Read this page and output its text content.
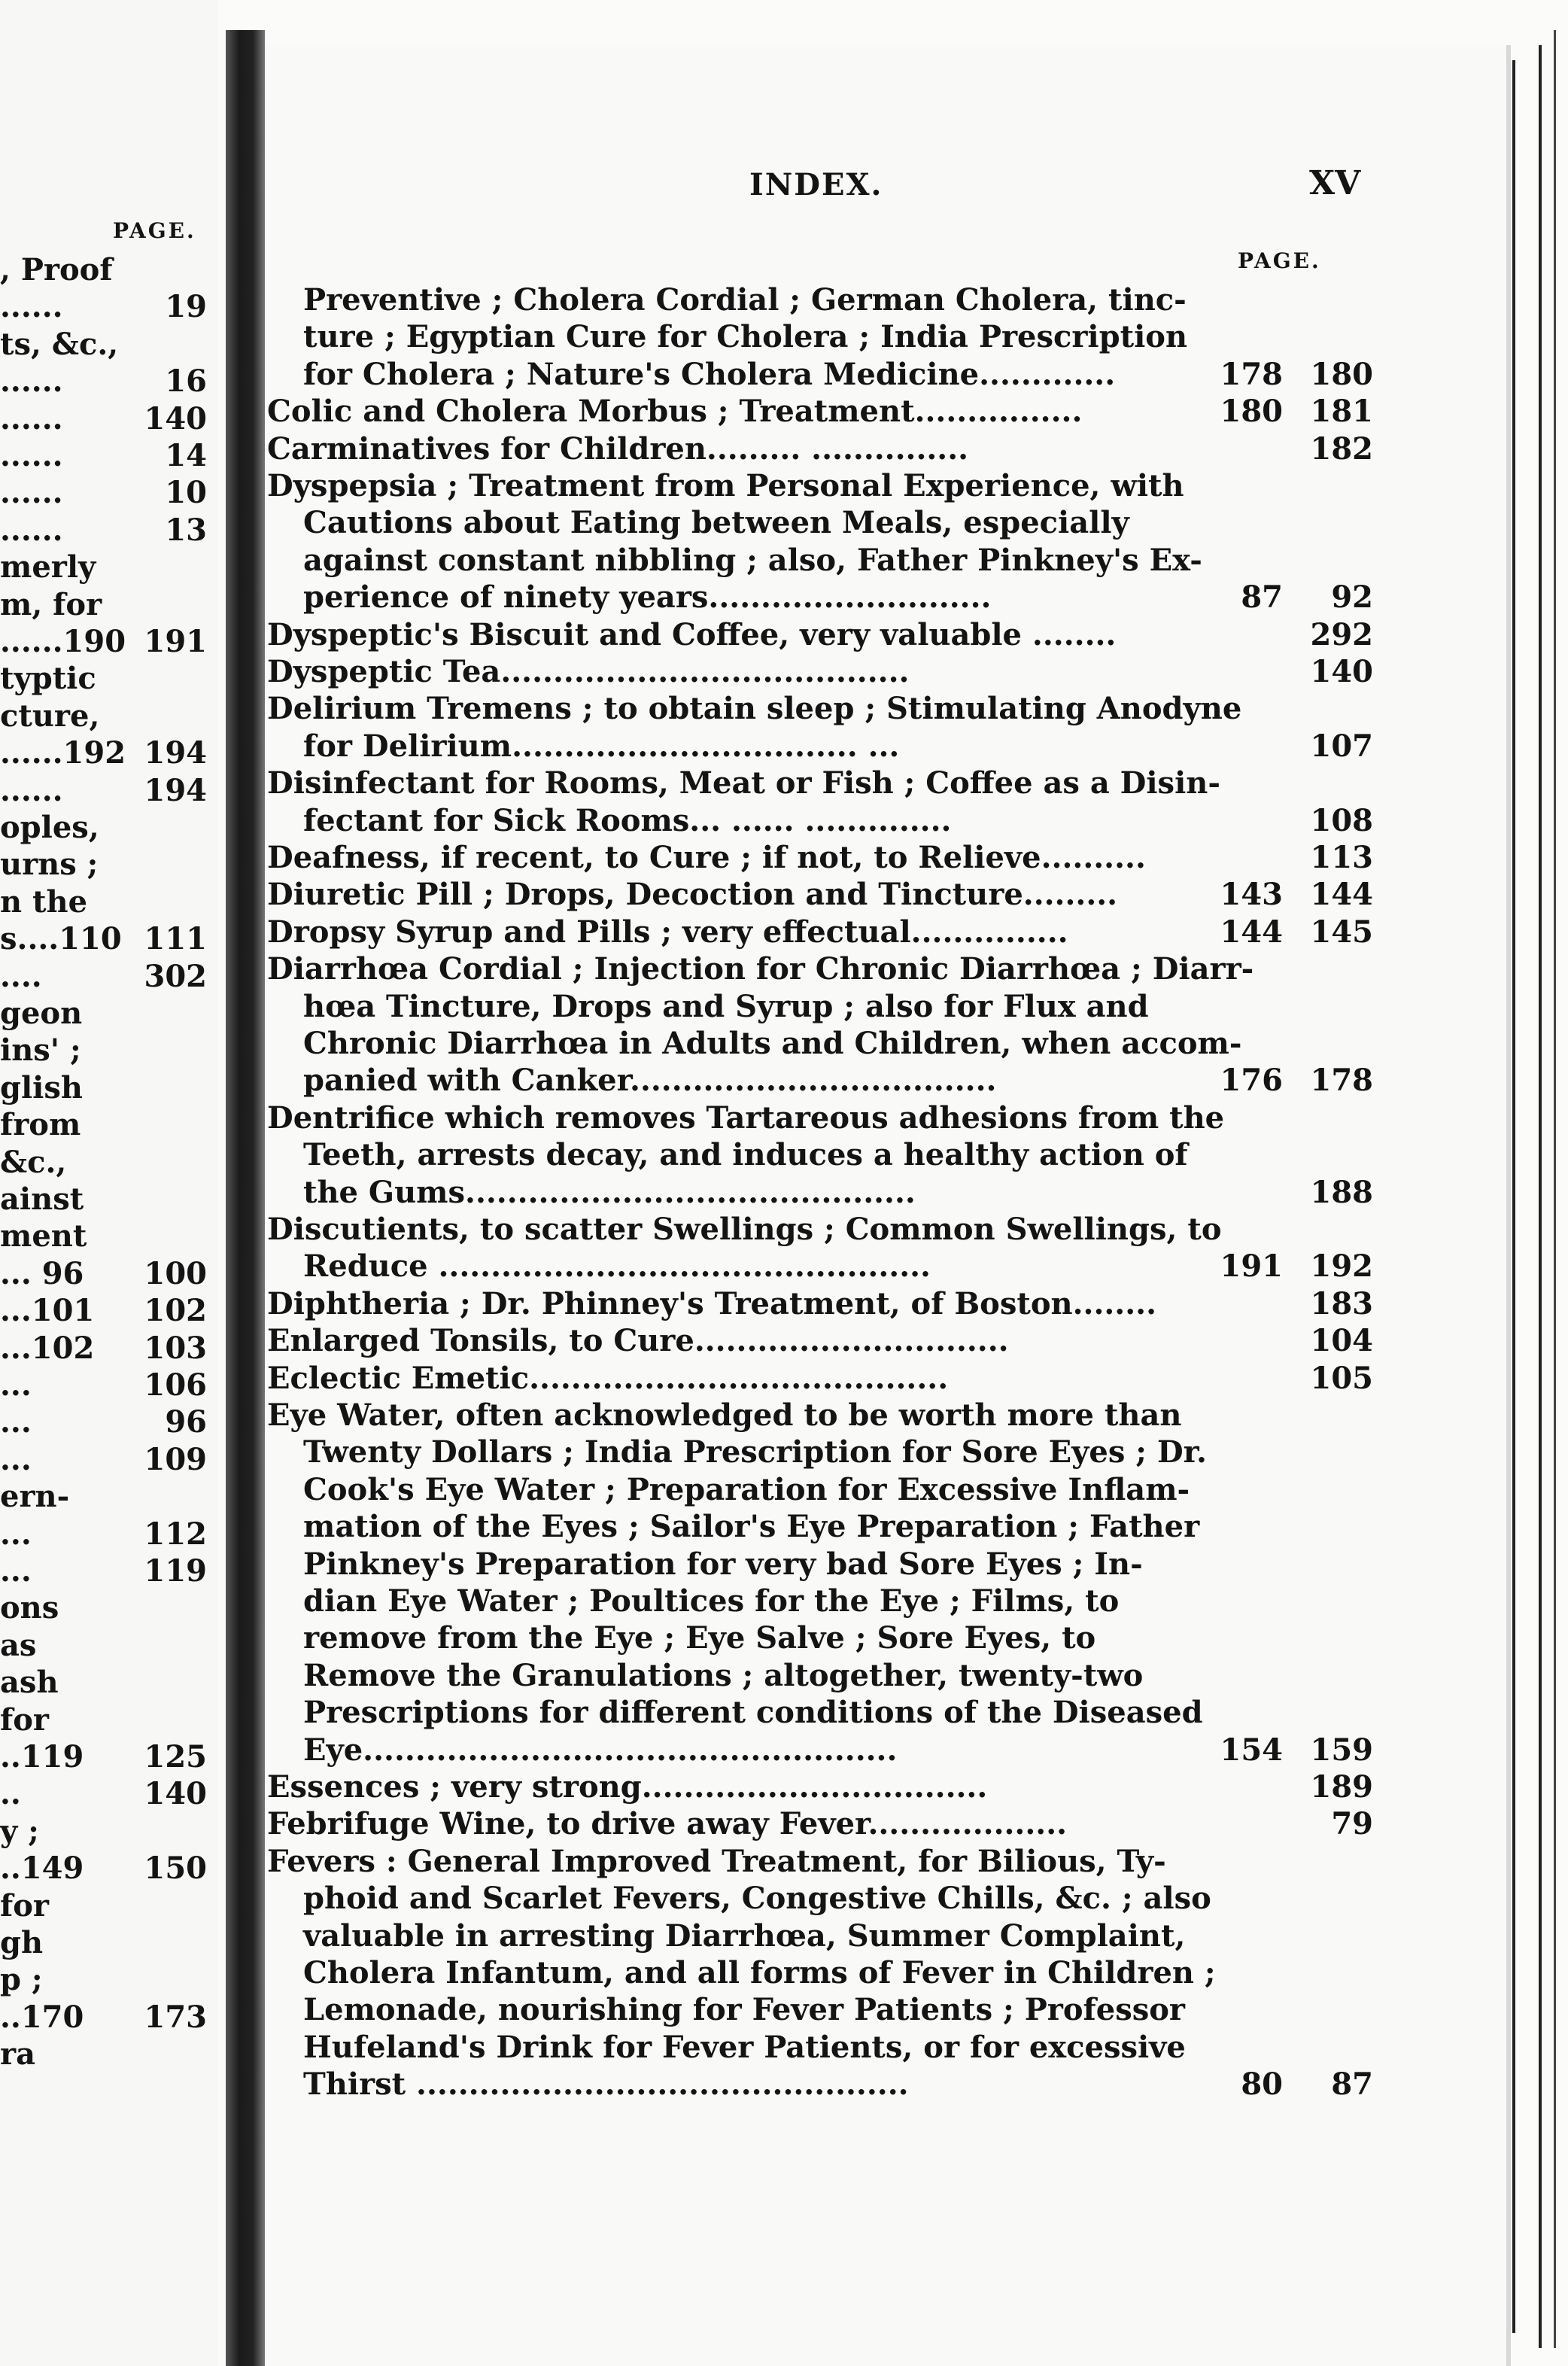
PAGE.
, Proof
......	19
ts, &c.,
......	16
......	140
......	14
......	10
......	13
merly
m, for
......190 191
typtic
cture,
......192 194
......	194
oples,
urns ;
n the
s....110 111
....	302
geon
ins' ;
glish
from
&c.,
ainst
ment
... 96 100
...101 102
...102 103
...	106
...	96
...	109
ern-
...	112
...	119
ons
as
ash
for
..119 125
..	140
y ;
..149 150
for
gh
p ;
..170 173
ra
INDEX.	XV
PAGE.
Preventive ; Cholera Cordial ; German Cholera, tinc-
ture ; Egyptian Cure for Cholera ; India Prescription
for Cholera ; Nature's Cholera Medicine.............	178 180
Colic and Cholera Morbus ; Treatment................	180 181
Carminatives for Children......... ...............	182
Dyspepsia ; Treatment from Personal Experience, with
Cautions about Eating between Meals, especially
against constant nibbling ; also, Father Pinkney's Ex-
perience of ninety years...........................	87 92
Dyspeptic's Biscuit and Coffee, very valuable ........	292
Dyspeptic Tea.......................................	140
Delirium Tremens ; to obtain sleep ; Stimulating Anodyne
for Delirium................................. ...	107
Disinfectant for Rooms, Meat or Fish ; Coffee as a Disin-
fectant for Sick Rooms... ...... ..............	108
Deafness, if recent, to Cure ; if not, to Relieve..........	113
Diuretic Pill ; Drops, Decoction and Tincture.........	143 144
Dropsy Syrup and Pills ; very effectual...............	144 145
Diarrhœa Cordial ; Injection for Chronic Diarrhœa ; Diarr-
hœa Tincture, Drops and Syrup ; also for Flux and
Chronic Diarrhœa in Adults and Children, when accom-
panied with Canker...................................	176 178
Dentrifice which removes Tartareous adhesions from the
Teeth, arrests decay, and induces a healthy action of
the Gums...........................................	188
Discutients, to scatter Swellings ; Common Swellings, to
Reduce ...............................................	191 192
Diphtheria ; Dr. Phinney's Treatment, of Boston........	183
Enlarged Tonsils, to Cure..............................	104
Eclectic Emetic........................................	105
Eye Water, often acknowledged to be worth more than
Twenty Dollars ; India Prescription for Sore Eyes ; Dr.
Cook's Eye Water ; Preparation for Excessive Inflam-
mation of the Eyes ; Sailor's Eye Preparation ; Father
Pinkney's Preparation for very bad Sore Eyes ; In-
dian Eye Water ; Poultices for the Eye ; Films, to
remove from the Eye ; Eye Salve ; Sore Eyes, to
Remove the Granulations ; altogether, twenty-two
Prescriptions for different conditions of the Diseased
Eye...................................................	154 159
Essences ; very strong.................................	189
Febrifuge Wine, to drive away Fever...................	79
Fevers : General Improved Treatment, for Bilious, Ty-
phoid and Scarlet Fevers, Congestive Chills, &c. ; also
valuable in arresting Diarrhœa, Summer Complaint,
Cholera Infantum, and all forms of Fever in Children ;
Lemonade, nourishing for Fever Patients ; Professor
Hufeland's Drink for Fever Patients, or for excessive
Thirst ...............................................	80 87
